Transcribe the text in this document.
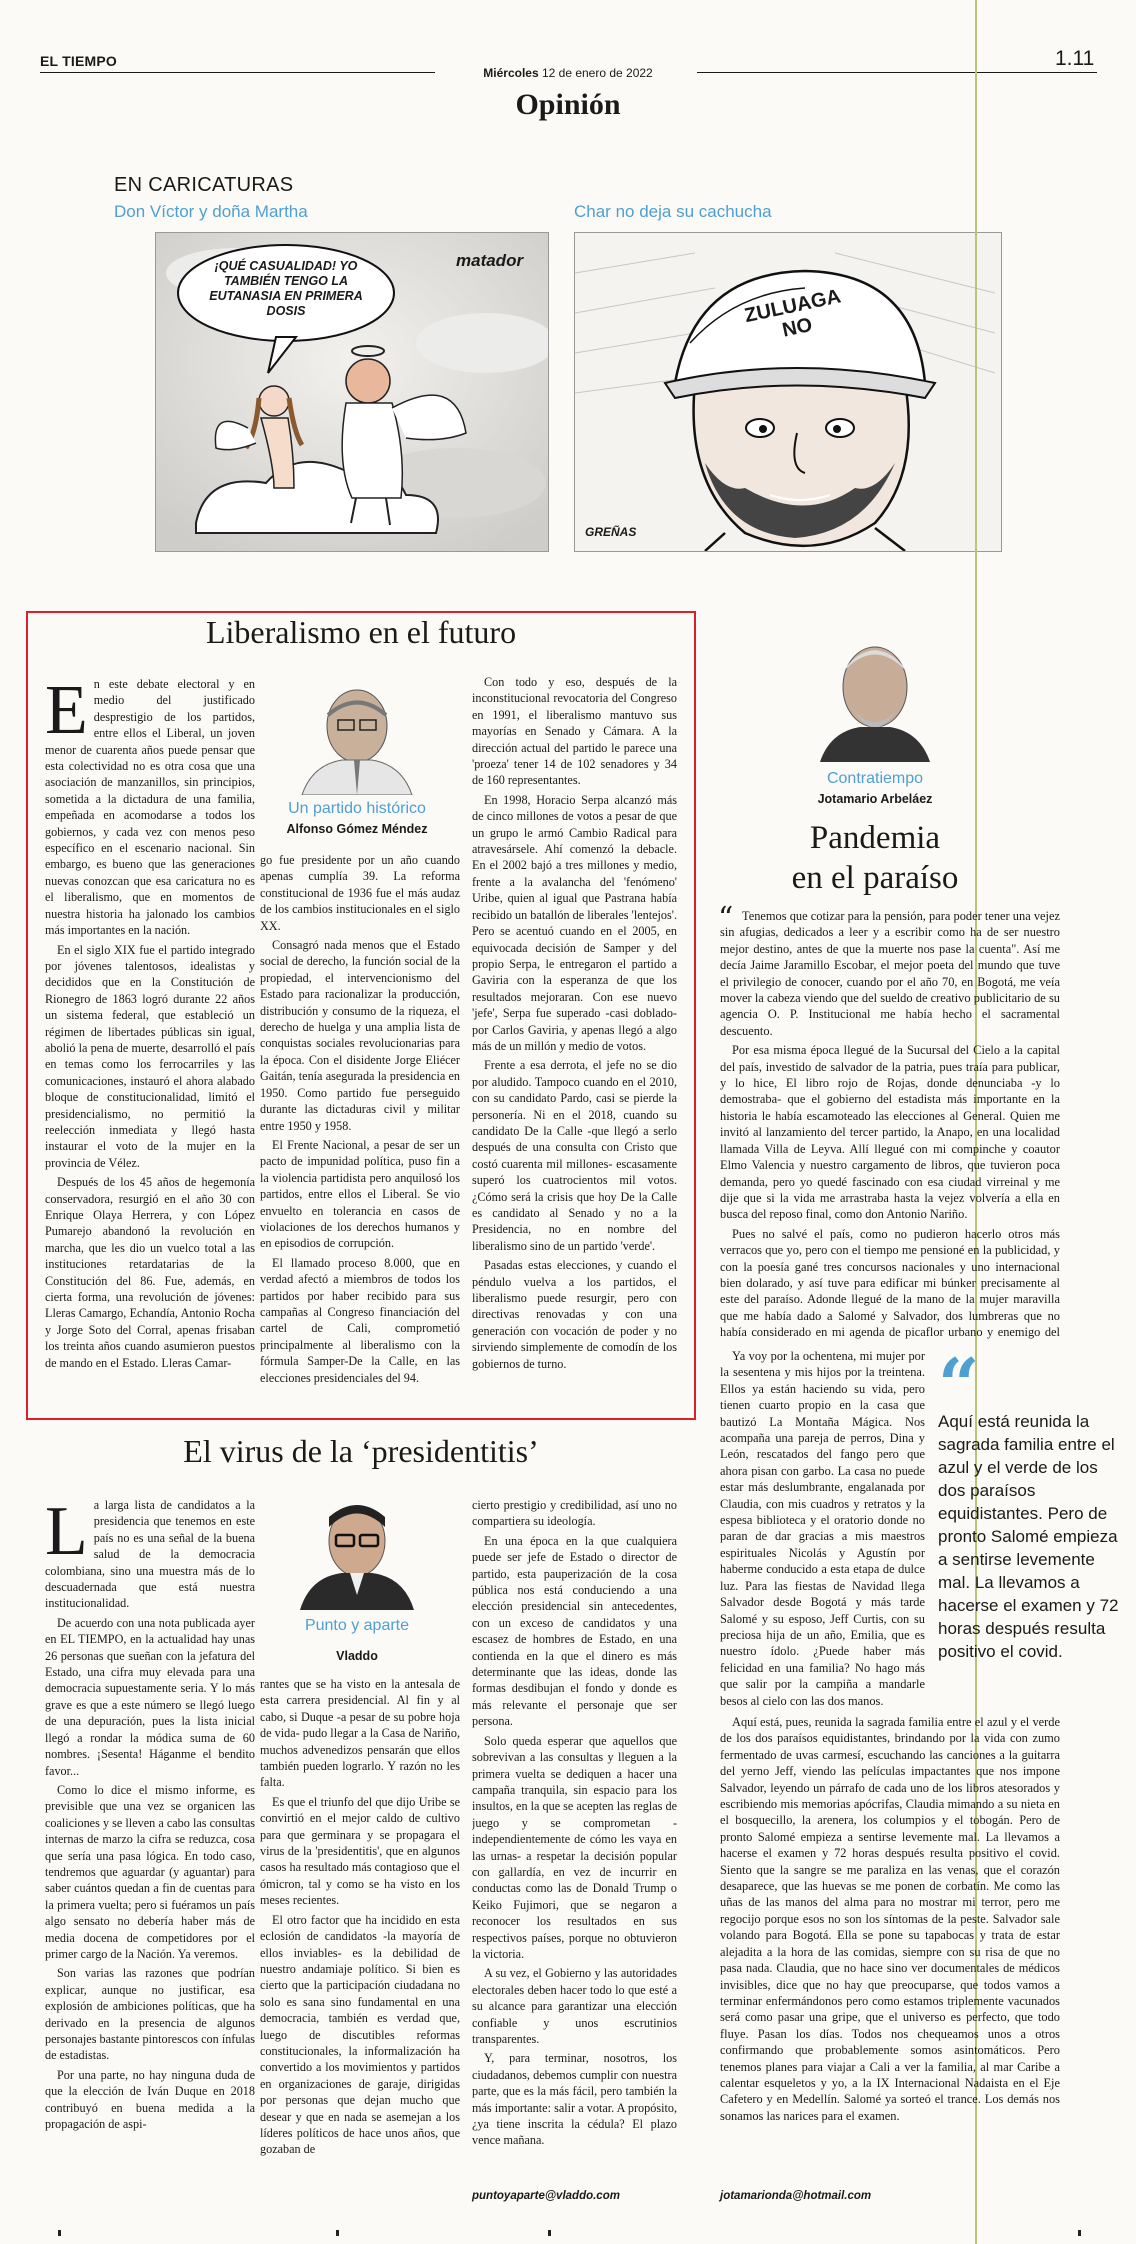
EL TIEMPO
Miércoles 12 de enero de 2022
Opinión
1.11
EN CARICATURAS
Don Víctor y doña Martha	Char no deja su cachucha
¡QUÉ CASUALIDAD! YO TAMBIÉN TENGO LA EUTANASIA EN PRIMERA DOSIS
matador
ZULUAGA NO
GREÑAS
Liberalismo en el futuro
Un partido histórico
Alfonso Gómez Méndez
E n este debate electoral y en medio del justificado desprestigio de los partidos, entre ellos el Liberal, un joven menor de cuarenta años puede pensar que esta colectividad no es otra cosa que una asociación de manzanillos, sin principios, sometida a la dictadura de una familia, empeñada en acomodarse a todos los gobiernos, y cada vez con menos peso específico en el escenario nacional. Sin embargo, es bueno que las generaciones nuevas conozcan que esa caricatura no es el liberalismo, que en momentos de nuestra historia ha jalonado los cambios más importantes en la nación.

En el siglo XIX fue el partido integrado por jóvenes talentosos, idealistas y decididos que en la Constitución de Rionegro de 1863 logró durante 22 años un sistema federal, que estableció un régimen de libertades públicas sin igual, abolió la pena de muerte, desarrolló el país en temas como los ferrocarriles y las comunicaciones, instauró el ahora alabado bloque de constitucionalidad, limitó el presidencialismo, no permitió la reelección inmediata y llegó hasta instaurar el voto de la mujer en la provincia de Vélez.

Después de los 45 años de hegemonía conservadora, resurgió en el año 30 con Enrique Olaya Herrera, y con López Pumarejo abandonó la revolución en marcha, que les dio un vuelco total a las instituciones retardatarias de la Constitución del 86. Fue, además, en cierta forma, una revolución de jóvenes: Lleras Camargo, Echandía, Antonio Rocha y Jorge Soto del Corral, apenas frisaban los treinta años cuando asumieron puestos de mando en el Estado. Lleras Camar-

go fue presidente por un año cuando apenas cumplía 39. La reforma constitucional de 1936 fue el más audaz de los cambios institucionales en el siglo XX.

Consagró nada menos que el Estado social de derecho, la función social de la propiedad, el intervencionismo del Estado para racionalizar la producción, distribución y consumo de la riqueza, el derecho de huelga y una amplia lista de conquistas sociales revolucionarias para la época. Con el disidente Jorge Eliécer Gaitán, tenía asegurada la presidencia en 1950. Como partido fue perseguido durante las dictaduras civil y militar entre 1950 y 1958.

El Frente Nacional, a pesar de ser un pacto de impunidad política, puso fin a la violencia partidista pero anquilosó los partidos, entre ellos el Liberal. Se vio envuelto en tolerancia en casos de violaciones de los derechos humanos y en episodios de corrupción.

El llamado proceso 8.000, que en verdad afectó a miembros de todos los partidos por haber recibido para sus campañas al Congreso financiación del cartel de Cali, comprometió principalmente al liberalismo con la fórmula Samper-De la Calle, en las elecciones presidenciales del 94.

Con todo y eso, después de la inconstitucional revocatoria del Congreso en 1991, el liberalismo mantuvo sus mayorías en Senado y Cámara. A la dirección actual del partido le parece una 'proeza' tener 14 de 102 senadores y 34 de 160 representantes.

En 1998, Horacio Serpa alcanzó más de cinco millones de votos a pesar de que un grupo le armó Cambio Radical para atravesársele. Ahí comenzó la debacle. En el 2002 bajó a tres millones y medio, frente a la avalancha del 'fenómeno' Uribe, quien al igual que Pastrana había recibido un batallón de liberales 'lentejos'. Pero se acentuó cuando en el 2005, en equivocada decisión de Samper y del propio Serpa, le entregaron el partido a Gaviria con la esperanza de que los resultados mejoraran. Con ese nuevo 'jefe', Serpa fue superado -casi doblado- por Carlos Gaviria, y apenas llegó a algo más de un millón y medio de votos.

Frente a esa derrota, el jefe no se dio por aludido. Tampoco cuando en el 2010, con su candidato Pardo, casi se pierde la personería. Ni en el 2018, cuando su candidato De la Calle -que llegó a serlo después de una consulta con Cristo que costó cuarenta mil millones- escasamente superó los cuatrocientos mil votos. ¿Cómo será la crisis que hoy De la Calle es candidato al Senado y no a la Presidencia, no en nombre del liberalismo sino de un partido 'verde'.

Pasadas estas elecciones, y cuando el péndulo vuelva a los partidos, el liberalismo puede resurgir, pero con directivas renovadas y con una generación con vocación de poder y no sirviendo simplemente de comodín de los gobiernos de turno.

El virus de la ‘presidentitis’
Punto y aparte
Vladdo
L a larga lista de candidatos a la presidencia que tenemos en este país no es una señal de la buena salud de la democracia colombiana, sino una muestra más de lo descuadernada que está nuestra institucionalidad.

De acuerdo con una nota publicada ayer en EL TIEMPO, en la actualidad hay unas 26 personas que sueñan con la jefatura del Estado, una cifra muy elevada para una democracia supuestamente seria. Y lo más grave es que a este número se llegó luego de una depuración, pues la lista inicial llegó a rondar la módica suma de 60 nombres. ¡Sesenta! Háganme el bendito favor...

Como lo dice el mismo informe, es previsible que una vez se organicen las coaliciones y se lleven a cabo las consultas internas de marzo la cifra se reduzca, cosa que sería una pasa lógica. En todo caso, tendremos que aguardar (y aguantar) para saber cuántos quedan a fin de cuentas para la primera vuelta; pero si fuéramos un país algo sensato no debería haber más de media docena de competidores por el primer cargo de la Nación. Ya veremos.

Son varias las razones que podrían explicar, aunque no justificar, esa explosión de ambiciones políticas, que ha derivado en la presencia de algunos personajes bastante pintorescos con ínfulas de estadistas.

Por una parte, no hay ninguna duda de que la elección de Iván Duque en 2018 contribuyó en buena medida a la propagación de aspi-

rantes que se ha visto en la antesala de esta carrera presidencial. Al fin y al cabo, si Duque -a pesar de su pobre hoja de vida- pudo llegar a la Casa de Nariño, muchos advenedizos pensarán que ellos también pueden lograrlo. Y razón no les falta.

Es que el triunfo del que dijo Uribe se convirtió en el mejor caldo de cultivo para que germinara y se propagara el virus de la 'presidentitis', que en algunos casos ha resultado más contagioso que el ómicron, tal y como se ha visto en los meses recientes.

El otro factor que ha incidido en esta eclosión de candidatos -la mayoría de ellos inviables- es la debilidad de nuestro andamiaje político. Si bien es cierto que la participación ciudadana no solo es sana sino fundamental en una democracia, también es verdad que, luego de discutibles reformas constitucionales, la informalización ha convertido a los movimientos y partidos en organizaciones de garaje, dirigidas por personas que dejan mucho que desear y que en nada se asemejan a los líderes políticos de hace unos años, que gozaban de

cierto prestigio y credibilidad, así uno no compartiera su ideología.

En una época en la que cualquiera puede ser jefe de Estado o director de partido, esta pauperización de la cosa pública nos está conduciendo a una elección presidencial sin antecedentes, con un exceso de candidatos y una escasez de hombres de Estado, en una contienda en la que el dinero es más determinante que las ideas, donde las formas desdibujan el fondo y donde es más relevante el personaje que ser persona.

Solo queda esperar que aquellos que sobrevivan a las consultas y lleguen a la primera vuelta se dediquen a hacer una campaña tranquila, sin espacio para los insultos, en la que se acepten las reglas de juego y se comprometan -independientemente de cómo les vaya en las urnas- a respetar la decisión popular con gallardía, en vez de incurrir en conductas como las de Donald Trump o Keiko Fujimori, que se negaron a reconocer los resultados en sus respectivos países, porque no obtuvieron la victoria.

A su vez, el Gobierno y las autoridades electorales deben hacer todo lo que esté a su alcance para garantizar una elección confiable y unos escrutinios transparentes.

Y, para terminar, nosotros, los ciudadanos, debemos cumplir con nuestra parte, que es la más fácil, pero también la más importante: salir a votar. A propósito, ¿ya tiene inscrita la cédula? El plazo vence mañana.

puntoyaparte@vladdo.com
Contratiempo
Jotamario Arbeláez
Pandemia
en el paraíso
“ Tenemos que cotizar para la pensión, para poder tener una vejez sin afugias, dedicados a leer y a escribir como ha de ser nuestro mejor destino, antes de que la muerte nos pase la cuenta". Así me decía Jaime Jaramillo Escobar, el mejor poeta del mundo que tuve el privilegio de conocer, cuando por el año 70, en Bogotá, me veía mover la cabeza viendo que del sueldo de creativo publicitario de su agencia O. P. Institucional me había hecho el sacramental descuento.

Por esa misma época llegué de la Sucursal del Cielo a la capital del país, investido de salvador de la patria, pues traía para publicar, y lo hice, El libro rojo de Rojas, donde denunciaba -y lo demostraba- que el gobierno del estadista más importante en la historia le había escamoteado las elecciones al General. Quien me invitó al lanzamiento del tercer partido, la Anapo, en una localidad llamada Villa de Leyva. Allí llegué con mi compinche y coautor Elmo Valencia y nuestro cargamento de libros, que tuvieron poca demanda, pero yo quedé fascinado con esa ciudad virreinal y me dije que si la vida me arrastraba hasta la vejez volvería a ella en busca del reposo final, como don Antonio Nariño.

Pues no salvé el país, como no pudieron hacerlo otros más verracos que yo, pero con el tiempo me pensioné en la publicidad, y con la poesía gané tres concursos nacionales y uno internacional bien dolarado, y así tuve para edificar mi búnker precisamente al este del paraíso. Adonde llegué de la mano de la mujer maravilla que me había dado a Salomé y Salvador, dos lumbreras que no había considerado en mi agenda de picaflor urbano y enemigo del

Ya voy por la ochentena, mi mujer por la sesentena y mis hijos por la treintena. Ellos ya están haciendo su vida, pero tienen cuarto propio en la casa que bautizó La Montaña Mágica. Nos acompaña una pareja de perros, Dina y León, rescatados del fango pero que ahora pisan con garbo. La casa no puede estar más deslumbrante, engalanada por Claudia, con mis cuadros y retratos y la espesa biblioteca y el oratorio donde no paran de dar gracias a mis maestros espirituales Nicolás y Agustín por haberme conducido a esta etapa de dulce luz. Para las fiestas de Navidad llega Salvador desde Bogotá y más tarde Salomé y su esposo, Jeff Curtis, con su preciosa hija de un año, Emilia, que es nuestro ídolo. ¿Puede haber más felicidad en una familia? No hago más que salir por la campiña a mandarle besos al cielo con las dos manos.

“
Aquí está reunida la sagrada familia entre el azul y el verde de los dos paraísos equidistantes. Pero de pronto Salomé empieza a sentirse levemente mal. La llevamos a hacerse el examen y 72 horas después resulta positivo el covid.

Aquí está, pues, reunida la sagrada familia entre el azul y el verde de los dos paraísos equidistantes, brindando por la vida con zumo fermentado de uvas carmesí, escuchando las canciones a la guitarra del yerno Jeff, viendo las películas impactantes que nos impone Salvador, leyendo un párrafo de cada uno de los libros atesorados y escribiendo mis memorias apócrifas, Claudia mimando a su nieta en el bosquecillo, la arenera, los columpios y el tobogán. Pero de pronto Salomé empieza a sentirse levemente mal. La llevamos a hacerse el examen y 72 horas después resulta positivo el covid. Siento que la sangre se me paraliza en las venas, que el corazón desaparece, que las huevas se me ponen de corbatín. Me como las uñas de las manos del alma para no mostrar mi terror, pero me regocijo porque esos no son los síntomas de la peste. Salvador sale volando para Bogotá. Ella se pone su tapabocas y trata de estar alejadita a la hora de las comidas, siempre con su risa de que no pasa nada. Claudia, que no hace sino ver documentales de médicos invisibles, dice que no hay que preocuparse, que todos vamos a terminar enfermándonos pero como estamos triplemente vacunados será como pasar una gripe, que el universo es perfecto, que todo fluye. Pasan los días. Todos nos chequeamos unos a otros confirmando que probablemente somos asintomáticos. Pero tenemos planes para viajar a Cali a ver la familia, al mar Caribe a calentar esqueletos y yo, a la IX Internacional Nadaista en el Eje Cafetero y en Medellín. Salomé ya sorteó el trance. Los demás nos sonamos las narices para el examen.

jotamarionda@hotmail.com
